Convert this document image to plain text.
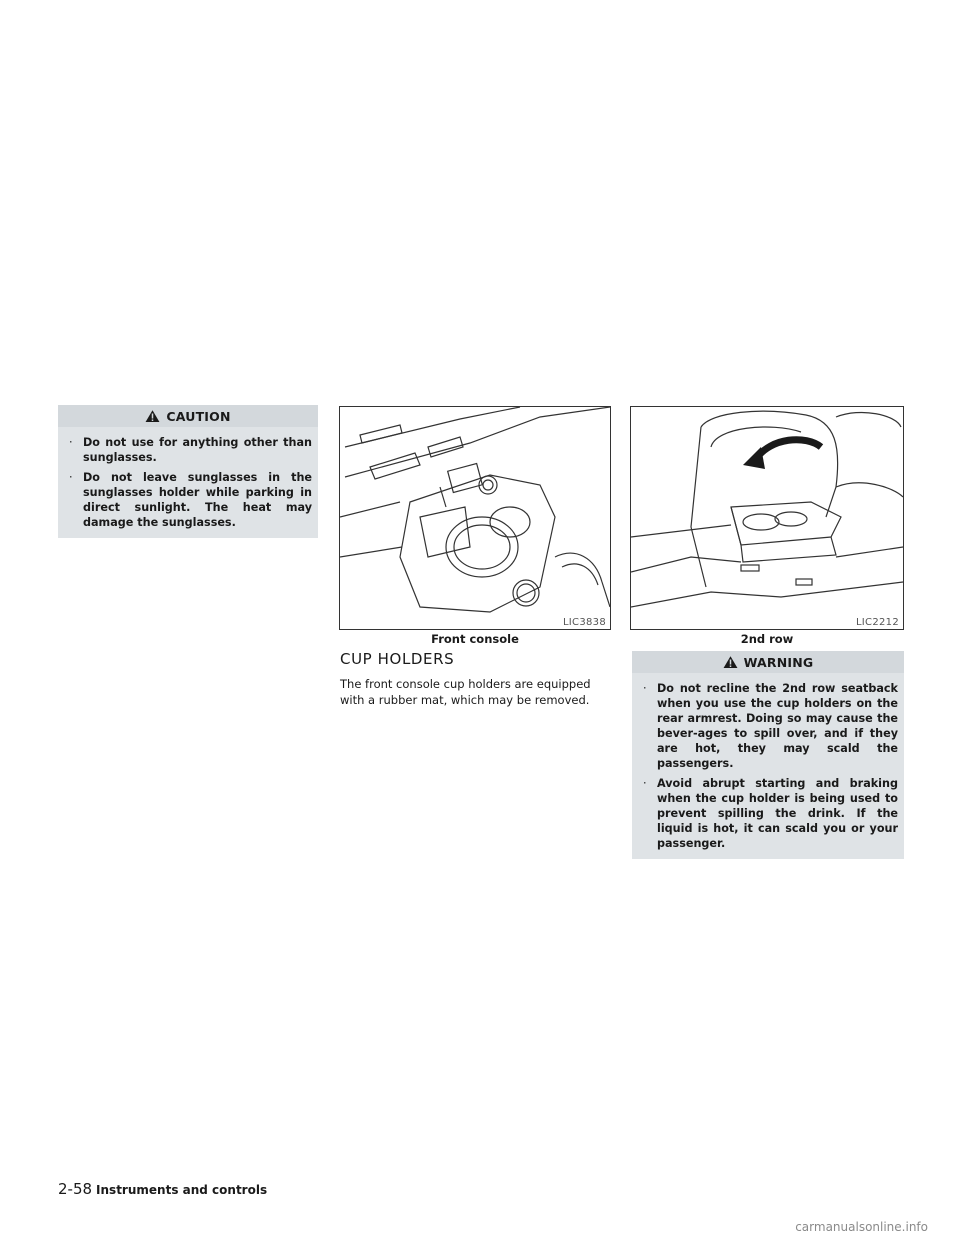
CAUTION
· Do not use for anything other than sunglasses.
· Do not leave sunglasses in the sunglasses holder while parking in direct sunlight. The heat may damage the sunglasses.
LIC3838
Front console
LIC2212
2nd row
CUP HOLDERS

The front console cup holders are equipped with a rubber mat, which may be removed.

WARNING
· Do not recline the 2nd row seatback when you use the cup holders on the rear armrest. Doing so may cause the bever-ages to spill over, and if they are hot, they may scald the passengers.
· Avoid abrupt starting and braking when the cup holder is being used to prevent spilling the drink. If the liquid is hot, it can scald you or your passenger.
2-58 Instruments and controls
carmanualsonline.info
